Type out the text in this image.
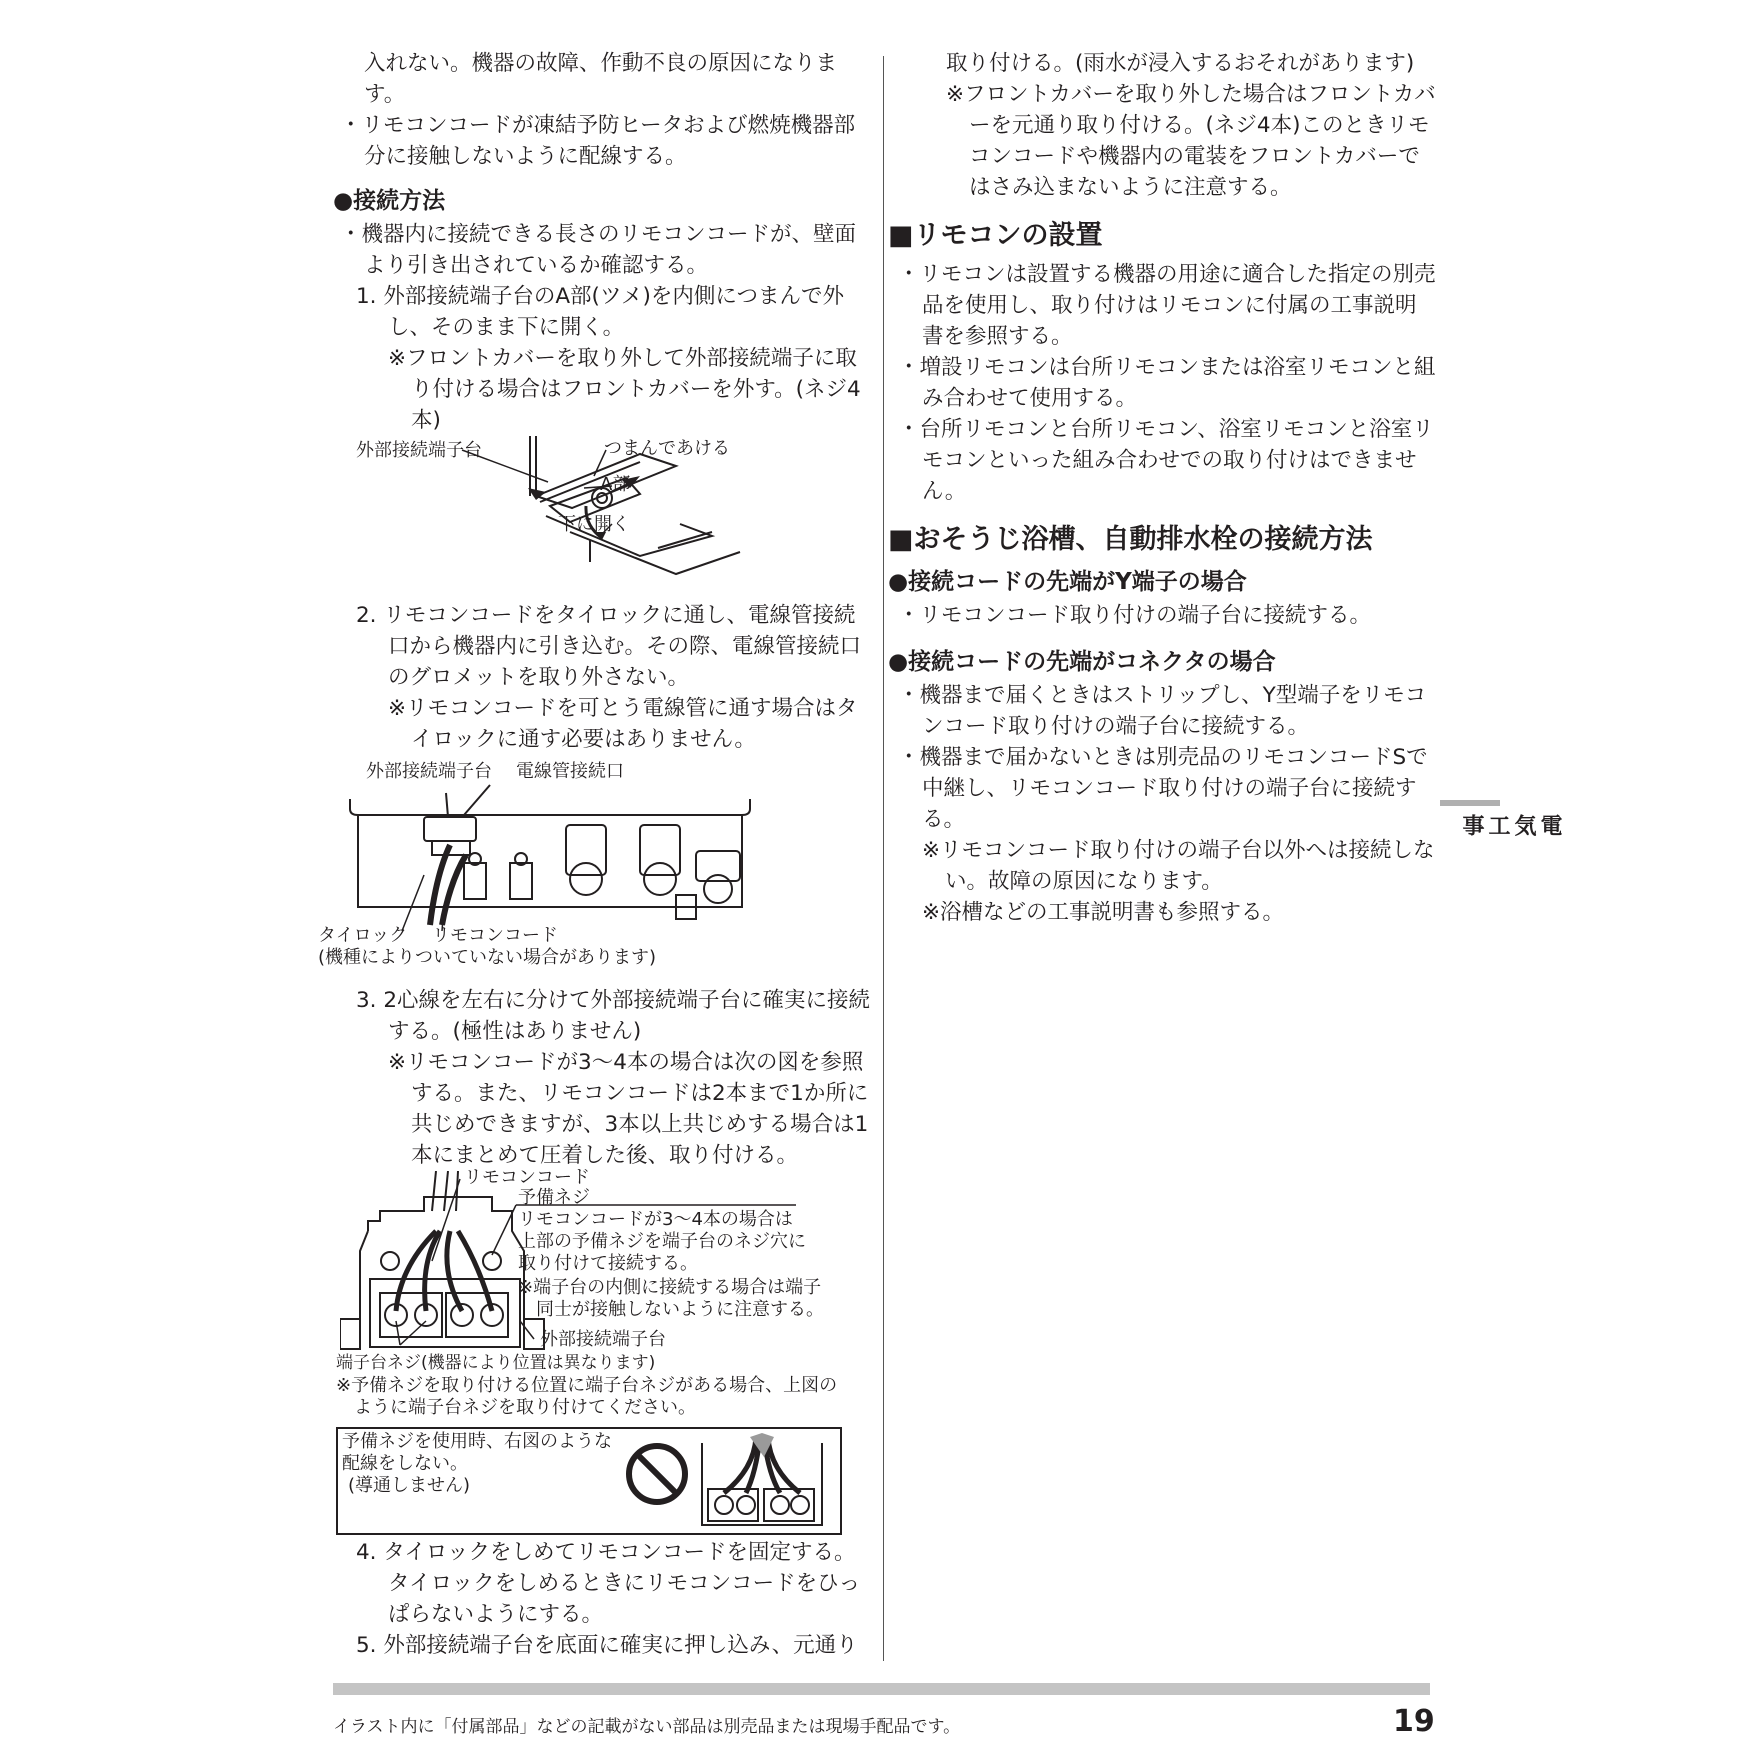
入れない。機器の故障、作動不良の原因になります。

・リモコンコードが凍結予防ヒータおよび燃焼機器部分に接触しないように配線する。

●接続方法

・機器内に接続できる長さのリモコンコードが、壁面より引き出されているか確認する。

1. 外部接続端子台のA部(ツメ)を内側につまんで外し、そのまま下に開く。

※フロントカバーを取り外して外部接続端子に取り付ける場合はフロントカバーを外す。(ネジ4本)

外部接続端子台	つまんであける
A部
下に開く

2. リモコンコードをタイロックに通し、電線管接続口から機器内に引き込む。その際、電線管接続口のグロメットを取り外さない。

※リモコンコードを可とう電線管に通す場合はタイロックに通す必要はありません。

外部接続端子台 電線管接続口
タイロック リモコンコード
(機種によりついていない場合があります)

3. 2心線を左右に分けて外部接続端子台に確実に接続する。(極性はありません)

※リモコンコードが3～4本の場合は次の図を参照する。また、リモコンコードは2本まで1か所に共じめできますが、3本以上共じめする場合は1本にまとめて圧着した後、取り付ける。

リモコンコード
予備ネジ
リモコンコードが3～4本の場合は上部の予備ネジを端子台のネジ穴に取り付けて接続する。
※端子台の内側に接続する場合は端子同士が接触しないように注意する。
外部接続端子台
端子台ネジ(機器により位置は異なります)
※予備ネジを取り付ける位置に端子台ネジがある場合、上図のように端子台ネジを取り付けてください。
予備ネジを使用時、右図のような配線をしない。
(導通しません)

4. タイロックをしめてリモコンコードを固定する。タイロックをしめるときにリモコンコードをひっぱらないようにする。

5. 外部接続端子台を底面に確実に押し込み、元通り

取り付ける。(雨水が浸入するおそれがあります)

※フロントカバーを取り外した場合はフロントカバーを元通り取り付ける。(ネジ4本)このときリモコンコードや機器内の電装をフロントカバーではさみ込まないように注意する。

■リモコンの設置

・リモコンは設置する機器の用途に適合した指定の別売品を使用し、取り付けはリモコンに付属の工事説明書を参照する。

・増設リモコンは台所リモコンまたは浴室リモコンと組み合わせて使用する。

・台所リモコンと台所リモコン、浴室リモコンと浴室リモコンといった組み合わせでの取り付けはできません。

■おそうじ浴槽、自動排水栓の接続方法

●接続コードの先端がY端子の場合

・リモコンコード取り付けの端子台に接続する。

●接続コードの先端がコネクタの場合

・機器まで届くときはストリップし、Y型端子をリモコンコード取り付けの端子台に接続する。

・機器まで届かないときは別売品のリモコンコードSで中継し、リモコンコード取り付けの端子台に接続する。

※リモコンコード取り付けの端子台以外へは接続しない。故障の原因になります。

※浴槽などの工事説明書も参照する。

電気工事
イラスト内に「付属部品」などの記載がない部品は別売品または現場手配品です。	19
